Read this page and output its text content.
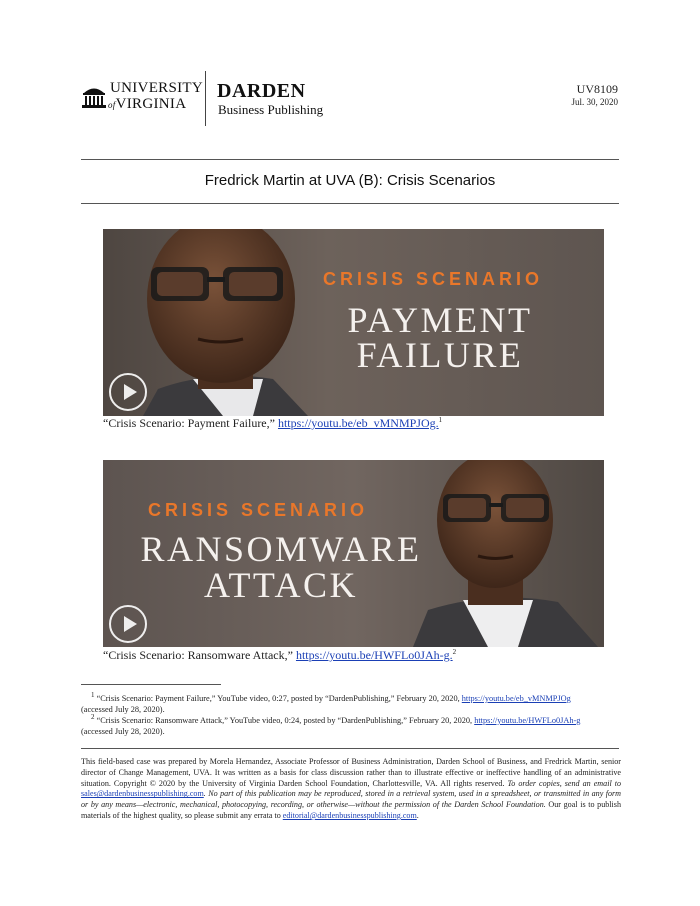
UNIVERSITY
ofVIRGINIA
DARDEN
Business Publishing
UV8109
Jul. 30, 2020
Fredrick Martin at UVA (B): Crisis Scenarios
CRISIS SCENARIO
PAYMENT
FAILURE
“Crisis Scenario: Payment Failure,” https://youtu.be/eb_vMNMPJOg.$^1$
CRISIS SCENARIO
RANSOMWARE
ATTACK
“Crisis Scenario: Ransomware Attack,” https://youtu.be/HWFLo0JAh-g.$^2$
$^1$ “Crisis Scenario: Payment Failure,” YouTube video, 0:27, posted by “DardenPublishing,” February 20, 2020, https://youtu.be/eb_vMNMPJOg
(accessed July 28, 2020).
$^2$ “Crisis Scenario: Ransomware Attack,” YouTube video, 0:24, posted by “DardenPublishing,” February 20, 2020, https://youtu.be/HWFLo0JAh-g
(accessed July 28, 2020).
This field-based case was prepared by Morela Hernandez, Associate Professor of Business Administration, Darden School of Business, and Fredrick Martin, senior director of Change Management, UVA. It was written as a basis for class discussion rather than to illustrate effective or ineffective handling of an administrative situation. Copyright © 2020 by the University of Virginia Darden School Foundation, Charlottesville, VA. All rights reserved. To order copies, send an email to sales@dardenbusinesspublishing.com. No part of this publication may be reproduced, stored in a retrieval system, used in a spreadsheet, or transmitted in any form or by any means—electronic, mechanical, photocopying, recording, or otherwise—without the permission of the Darden School Foundation. Our goal is to publish materials of the highest quality, so please submit any errata to editorial@dardenbusinesspublishing.com.
